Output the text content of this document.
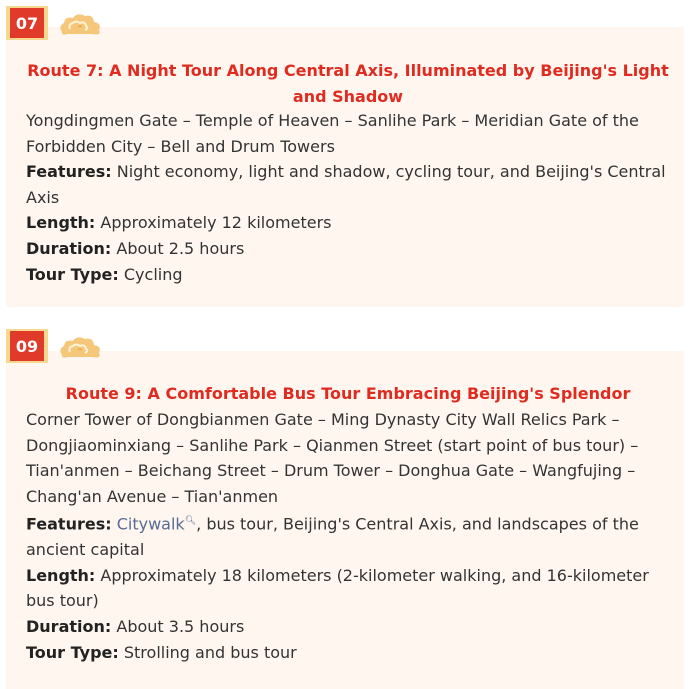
07
Route 7: A Night Tour Along Central Axis, Illuminated by Beijing's Light and Shadow

Yongdingmen Gate – Temple of Heaven – Sanlihe Park – Meridian Gate of the Forbidden City – Bell and Drum Towers

Features: Night economy, light and shadow, cycling tour, and Beijing's Central Axis

Length: Approximately 12 kilometers

Duration: About 2.5 hours

Tour Type: Cycling

09
Route 9: A Comfortable Bus Tour Embracing Beijing's Splendor

Corner Tower of Dongbianmen Gate – Ming Dynasty City Wall Relics Park – Dongjiaominxiang – Sanlihe Park – Qianmen Street (start point of bus tour) – Tian'anmen – Beichang Street – Drum Tower – Donghua Gate – Wangfujing – Chang'an Avenue – Tian'anmen

Features: Citywalk🔍︎, bus tour, Beijing's Central Axis, and landscapes of the ancient capital

Length: Approximately 18 kilometers (2-kilometer walking, and 16-kilometer bus tour)

Duration: About 3.5 hours

Tour Type: Strolling and bus tour
